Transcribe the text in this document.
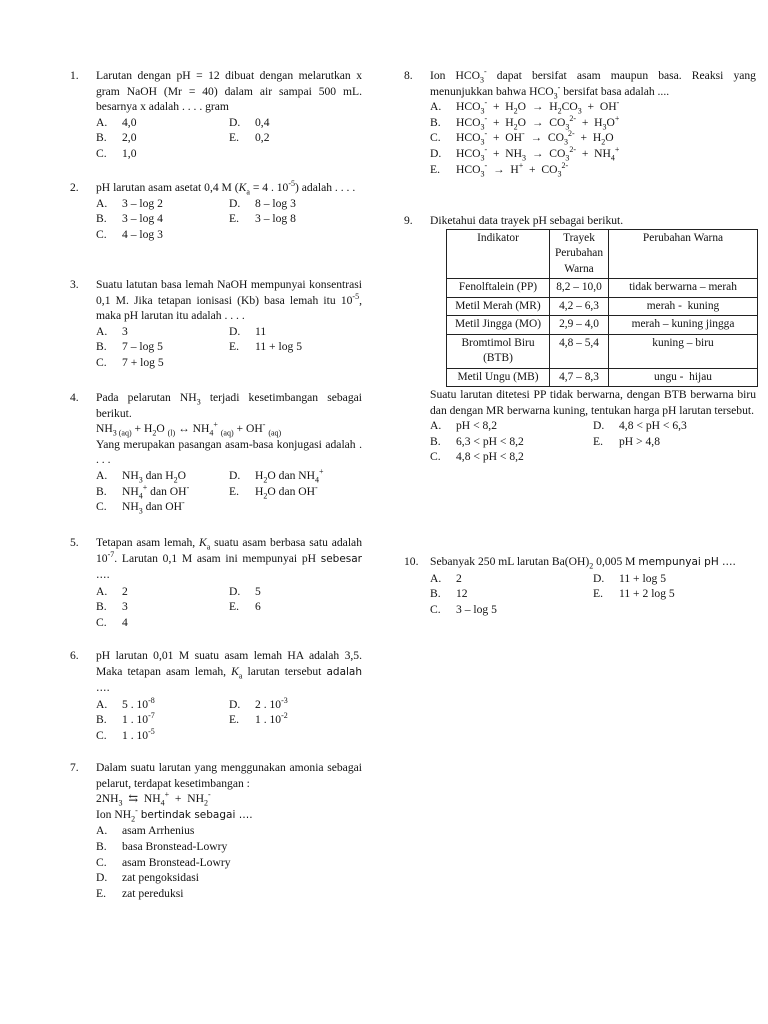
1. Larutan dengan pH = 12 dibuat dengan melarutkan x gram NaOH (Mr = 40) dalam air sampai 500 mL. besarnya x adalah . . . . gram
A.	4,0	D.	0,4
B.	2,0	E.	0,2
C.	1,0
2. pH larutan asam asetat 0,4 M ($K_a = 4$ . $10^{-5}$) adalah . . . .
A.	3 – log 2	D.	8 – log 3
B.	3 – log 4	E.	3 – log 8
C.	4 – log 3
3. Suatu latutan basa lemah NaOH mempunyai konsentrasi 0,1 M. Jika tetapan ionisasi (Kb) basa lemah itu $10^{-5}$, maka pH larutan itu adalah . . . .
A.	3	D.	11
B.	7 – log 5	E.	11 + log 5
C.	7 + log 5
4. Pada pelarutan $NH_3$ terjadi kesetimbangan sebagai berikut.
$NH_{3 (aq)} + H_2O$ $_{(l)}$ ↔ $NH_4^+$ $_{(aq)}$ + OH- $_{(aq)}$
Yang merupakan pasangan asam-basa konjugasi adalah . . . .
A.	$NH_3$ dan $H_2O$	D.	$H_2O$ dan $NH_4^+$
B.	$NH_4^+$ dan OH-	E.	$H_2O$ dan OH-
C.	$NH_3$ dan OH-
5. Tetapan asam lemah, $K_a$ suatu asam berbasa satu adalah $10^{-7}$. Larutan 0,1 M asam ini mempunyai pH sebesar ….
A.	2	D.	5
B.	3	E.	6
C.	4
6. pH larutan 0,01 M suatu asam lemah HA adalah 3,5. Maka tetapan asam lemah, $K_a$ larutan tersebut adalah ….
A.	5 . $10^{-8}$	D.	2 . $10^{-3}$
B.	1 . $10^{-7}$	E.	1 . $10^{-2}$
C.	1 . $10^{-5}$
7. Dalam suatu larutan yang menggunakan amonia sebagai pelarut, terdapat kesetimbangan :
$2NH_3$  ⇆  $NH_4^+ + NH_2^-$
Ion $NH_2^-$ bertindak sebagai ….
A.	asam Arrhenius
B.	basa Bronstead-Lowry
C.	asam Bronstead-Lowry
D.	zat pengoksidasi
E.	zat pereduksi
8. Ion $HCO_3^-$ dapat bersifat asam maupun basa. Reaksi yang menunjukkan bahwa $HCO_3^-$ bersifat basa adalah ....
A.	$HCO_3^- + H_2O \to H_2CO_3 + OH^-$
B.	$HCO_3^- + H_2O \to CO_3^{2-} + H_3O^+$
C.	$HCO_3^- + OH^- \to CO_3^{2-} + H_2O$
D.	$HCO_3^- + NH_3 \to CO_3^{2-} + NH_4^+$
E.	$HCO_3^- \to H^+ + CO_3^{2-}$
9. Diketahui data trayek pH sebagai berikut.
Indikator	Trayek Perubahan Warna	Perubahan Warna
Fenolftalein (PP)	8,2 – 10,0	tidak berwarna – merah
Metil Merah (MR)	4,2 – 6,3	merah -  kuning
Metil Jingga (MO)	2,9 – 4,0	merah – kuning jingga
Bromtimol Biru (BTB)	4,8 – 5,4	kuning – biru
Metil Ungu (MB)	4,7 – 8,3	ungu -  hijau
Suatu larutan ditetesi PP tidak berwarna, dengan BTB berwarna biru dan dengan MR berwarna kuning, tentukan harga pH larutan tersebut.
A.	pH < 8,2	D.	4,8 < pH < 6,3
B.	6,3 < pH < 8,2	E.	pH > 4,8
C.	4,8 < pH < 8,2
10. Sebanyak 250 mL larutan $Ba(OH)_2$ 0,005 M mempunyai pH ….
A.	2	D.	11 + log 5
B.	12	E.	11 + 2 log 5
C.	3 – log 5
